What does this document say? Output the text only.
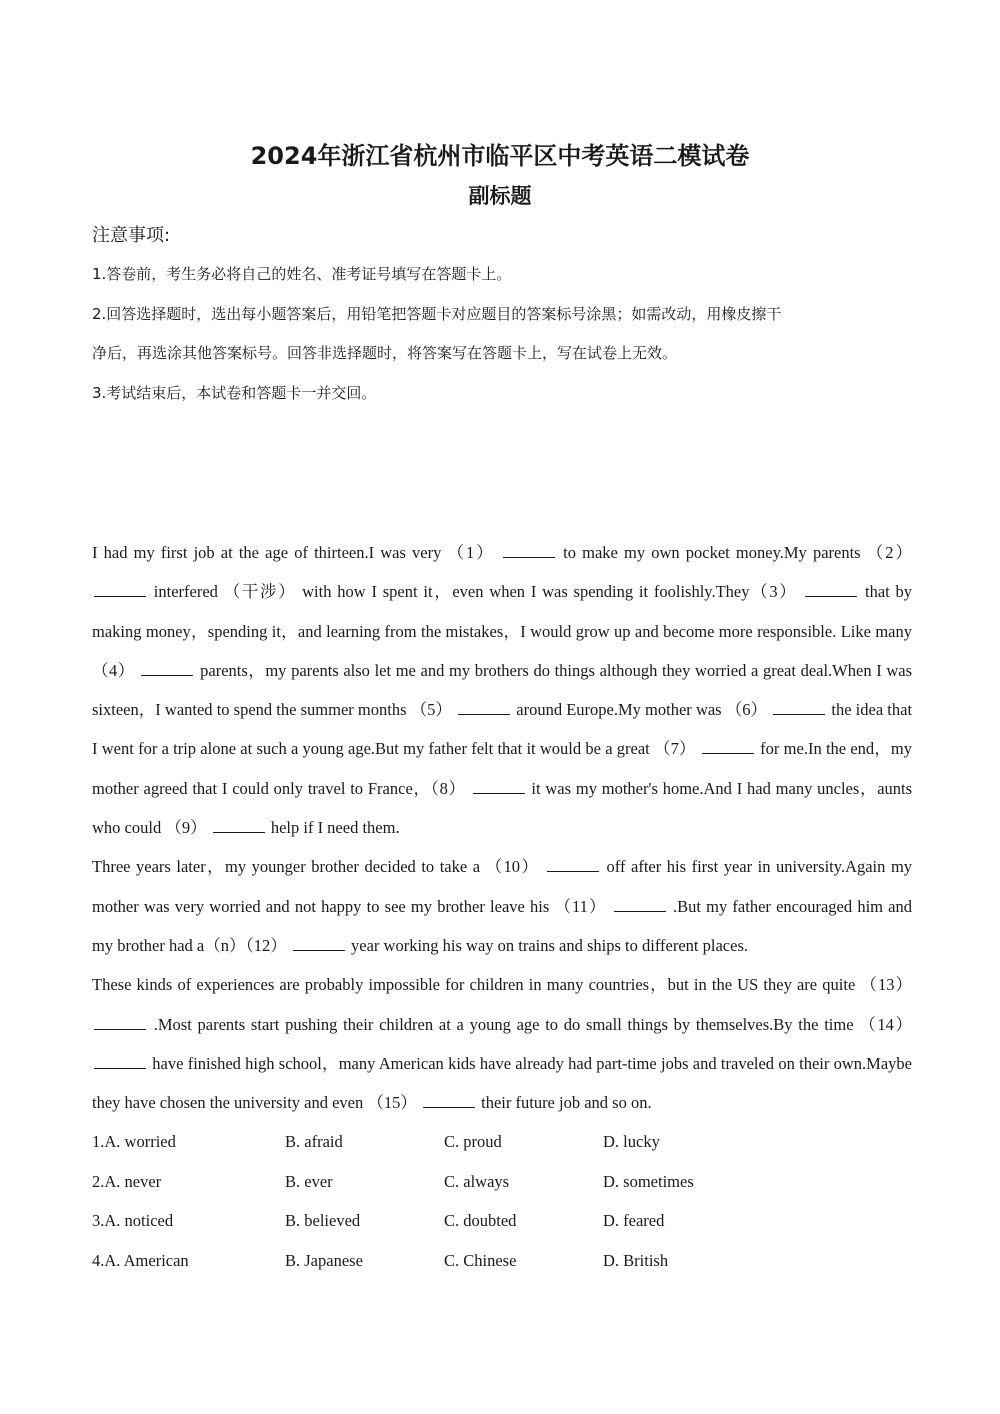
2024年浙江省杭州市临平区中考英语二模试卷
副标题
注意事项:
1.答卷前，考生务必将自己的姓名、准考证号填写在答题卡上。
2.回答选择题时，选出每小题答案后，用铅笔把答题卡对应题目的答案标号涂黑；如需改动，用橡皮擦干
净后，再选涂其他答案标号。回答非选择题时，将答案写在答题卡上，写在试卷上无效。
3.考试结束后，本试卷和答题卡一并交回。

I had my first job at the age of thirteen.I was very （1）	to make my own pocket money.My parents （2）  interfered （干涉） with how I spent it，even when I was spending it foolishly.They（3）	that by making money，spending it，and learning from the mistakes，I would grow up and become more responsible. Like many （4）	parents，my parents also let me and my brothers do things although they worried a great deal.When I was sixteen，I wanted to spend the summer months （5）	around Europe.My mother was （6）	the idea that I went for a trip alone at such a young age.But my father felt that it would be a great （7）	for me.In the end，my mother agreed that I could only travel to France，（8）	it was my mother's home.And I had many uncles，aunts who could （9）	help if I need them.

Three years later，my younger brother decided to take a （10）	off after his first year in university.Again my mother was very worried and not happy to see my brother leave his （11）	.But my father encouraged him and my brother had a（n）（12）	year working his way on trains and ships to different places.

These kinds of experiences are probably impossible for children in many countries，but in the US they are quite （13）  .Most parents start pushing their children at a young age to do small things by themselves.By the time （14）  have finished high school，many American kids have already had part-time jobs and traveled on their own.Maybe they have chosen the university and even （15）	their future job and so on.

1.A. worried	B. afraid	C. proud	D. lucky
2.A. never	B. ever	C. always	D. sometimes
3.A. noticed	B. believed	C. doubted	D. feared
4.A. American	B. Japanese	C. Chinese	D. British
